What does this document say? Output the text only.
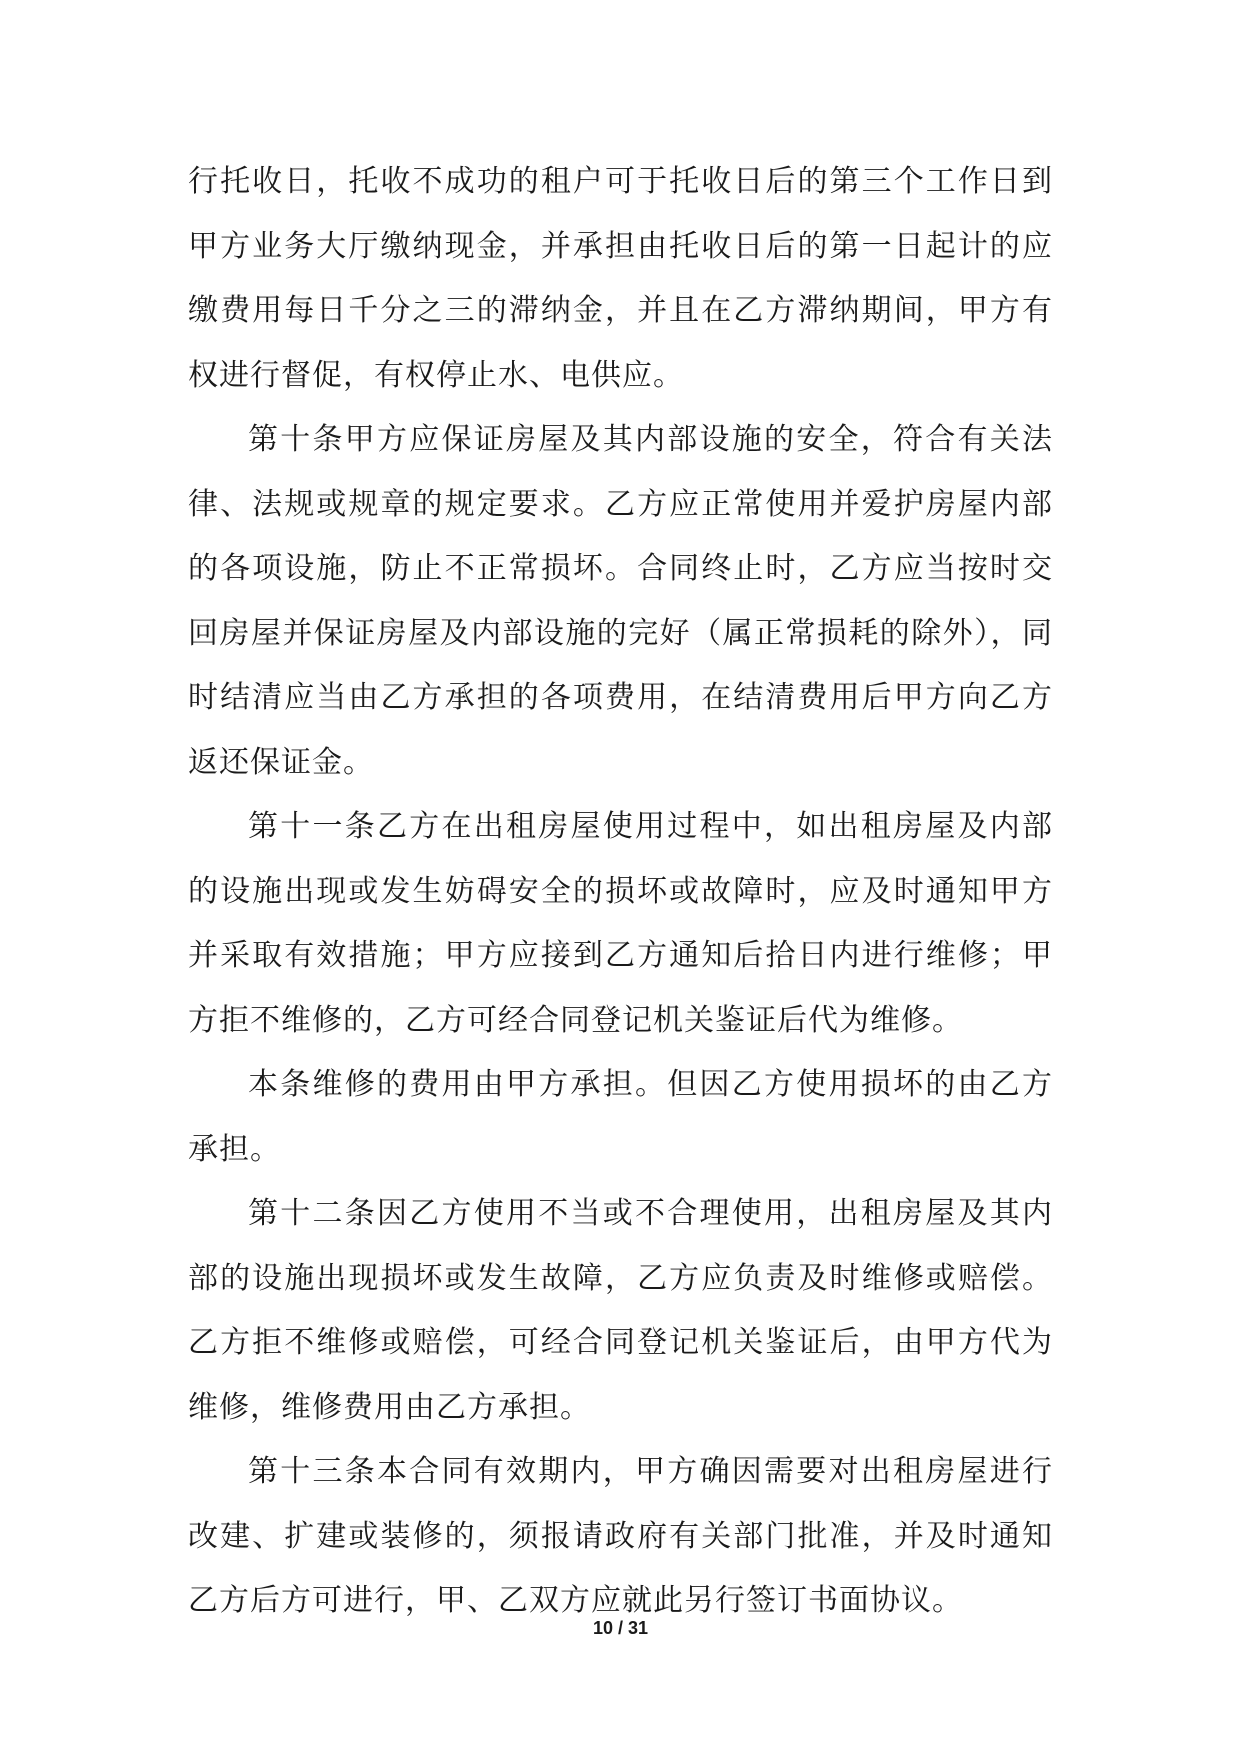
行托收日，托收不成功的租户可于托收日后的第三个工作日到甲方业务大厅缴纳现金，并承担由托收日后的第一日起计的应缴费用每日千分之三的滞纳金，并且在乙方滞纳期间，甲方有权进行督促，有权停止水、电供应。

第十条甲方应保证房屋及其内部设施的安全，符合有关法律、法规或规章的规定要求。乙方应正常使用并爱护房屋内部的各项设施，防止不正常损坏。合同终止时，乙方应当按时交回房屋并保证房屋及内部设施的完好（属正常损耗的除外），同时结清应当由乙方承担的各项费用，在结清费用后甲方向乙方返还保证金。

第十一条乙方在出租房屋使用过程中，如出租房屋及内部的设施出现或发生妨碍安全的损坏或故障时，应及时通知甲方并采取有效措施；甲方应接到乙方通知后拾日内进行维修；甲方拒不维修的，乙方可经合同登记机关鉴证后代为维修。

本条维修的费用由甲方承担。但因乙方使用损坏的由乙方承担。

第十二条因乙方使用不当或不合理使用，出租房屋及其内部的设施出现损坏或发生故障，乙方应负责及时维修或赔偿。乙方拒不维修或赔偿，可经合同登记机关鉴证后，由甲方代为维修，维修费用由乙方承担。

第十三条本合同有效期内，甲方确因需要对出租房屋进行改建、扩建或装修的，须报请政府有关部门批准，并及时通知乙方后方可进行，甲、乙双方应就此另行签订书面协议。

10 / 31
